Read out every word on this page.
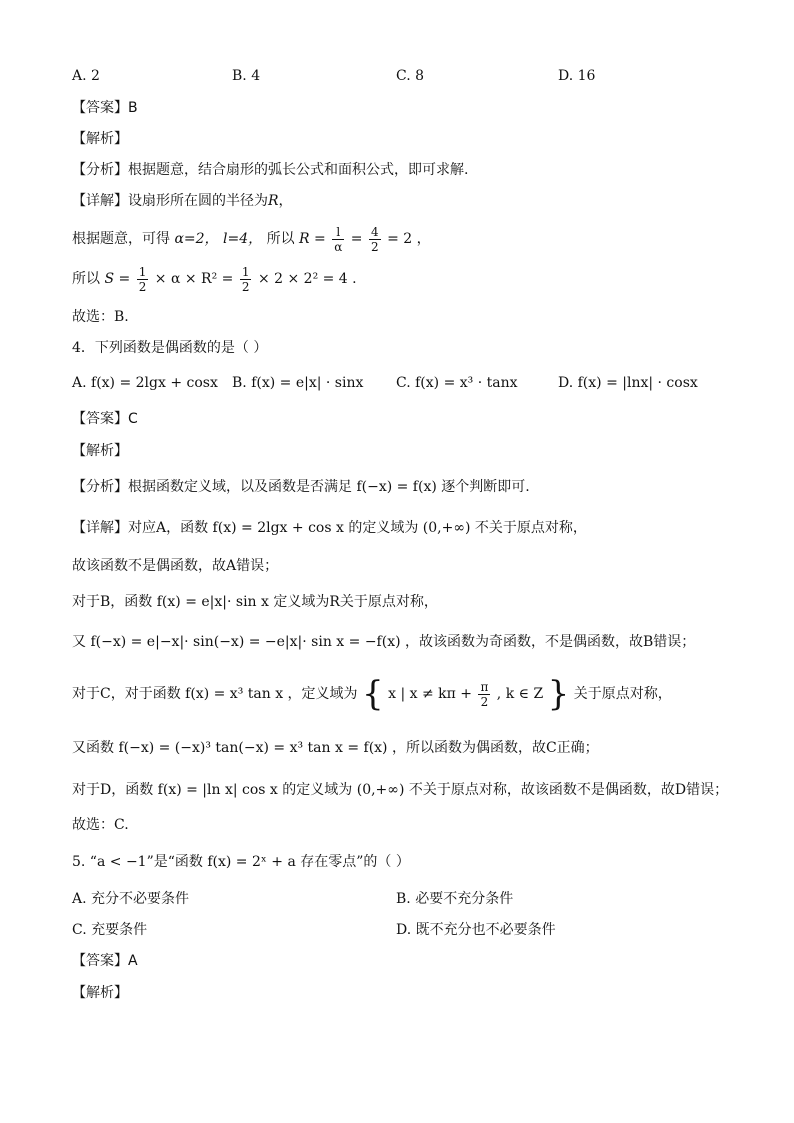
A. 2	B. 4	C. 8	D. 16
【答案】B
【解析】
【分析】根据题意，结合扇形的弧长公式和面积公式，即可求解.
【详解】设扇形所在圆的半径为R，
根据题意，可得 α=2， l=4， 所以 $R = \frac{l}{\alpha} = \frac{4}{2} = 2$ ，
所以 $S = \frac{1}{2} \times \alpha \times R^2 = \frac{1}{2} \times 2 \times 2^2 = 4$ .
故选：B.
4．下列函数是偶函数的是（ ）
A. f(x) = 2lgx + cosx B. f(x) = e|x| · sinx C. f(x) = x³ · tanx	D. f(x) = |lnx| · cosx
【答案】C
【解析】
【分析】根据函数定义域，以及函数是否满足 f(−x) = f(x) 逐个判断即可.
【详解】对应A，函数 f(x) = 2lgx + cos x 的定义域为 (0,+∞) 不关于原点对称，
故该函数不是偶函数，故A错误；
对于B，函数 f(x) = e|x|· sin x 定义域为R关于原点对称，
又 f(−x) = e|−x|· sin(−x) = −e|x|· sin x = −f(x) ，故该函数为奇函数，不是偶函数，故B错误；
对于C，对于函数 f(x) = x³ tan x ，定义域为 { x | $x \ne k\pi + \frac{\pi}{2}$ , k ∈ Z } 关于原点对称，
又函数 f(−x) = (−x)³ tan(−x) = x³ tan x = f(x) ，所以函数为偶函数，故C正确；
对于D，函数 f(x) = |ln x| cos x 的定义域为 (0,+∞) 不关于原点对称，故该函数不是偶函数，故D错误；
故选：C.
5. “a < −1”是“函数 f(x) = 2ˣ + a 存在零点”的（ ）
A. 充分不必要条件	B. 必要不充分条件
C. 充要条件	D. 既不充分也不必要条件
【答案】A
【解析】
